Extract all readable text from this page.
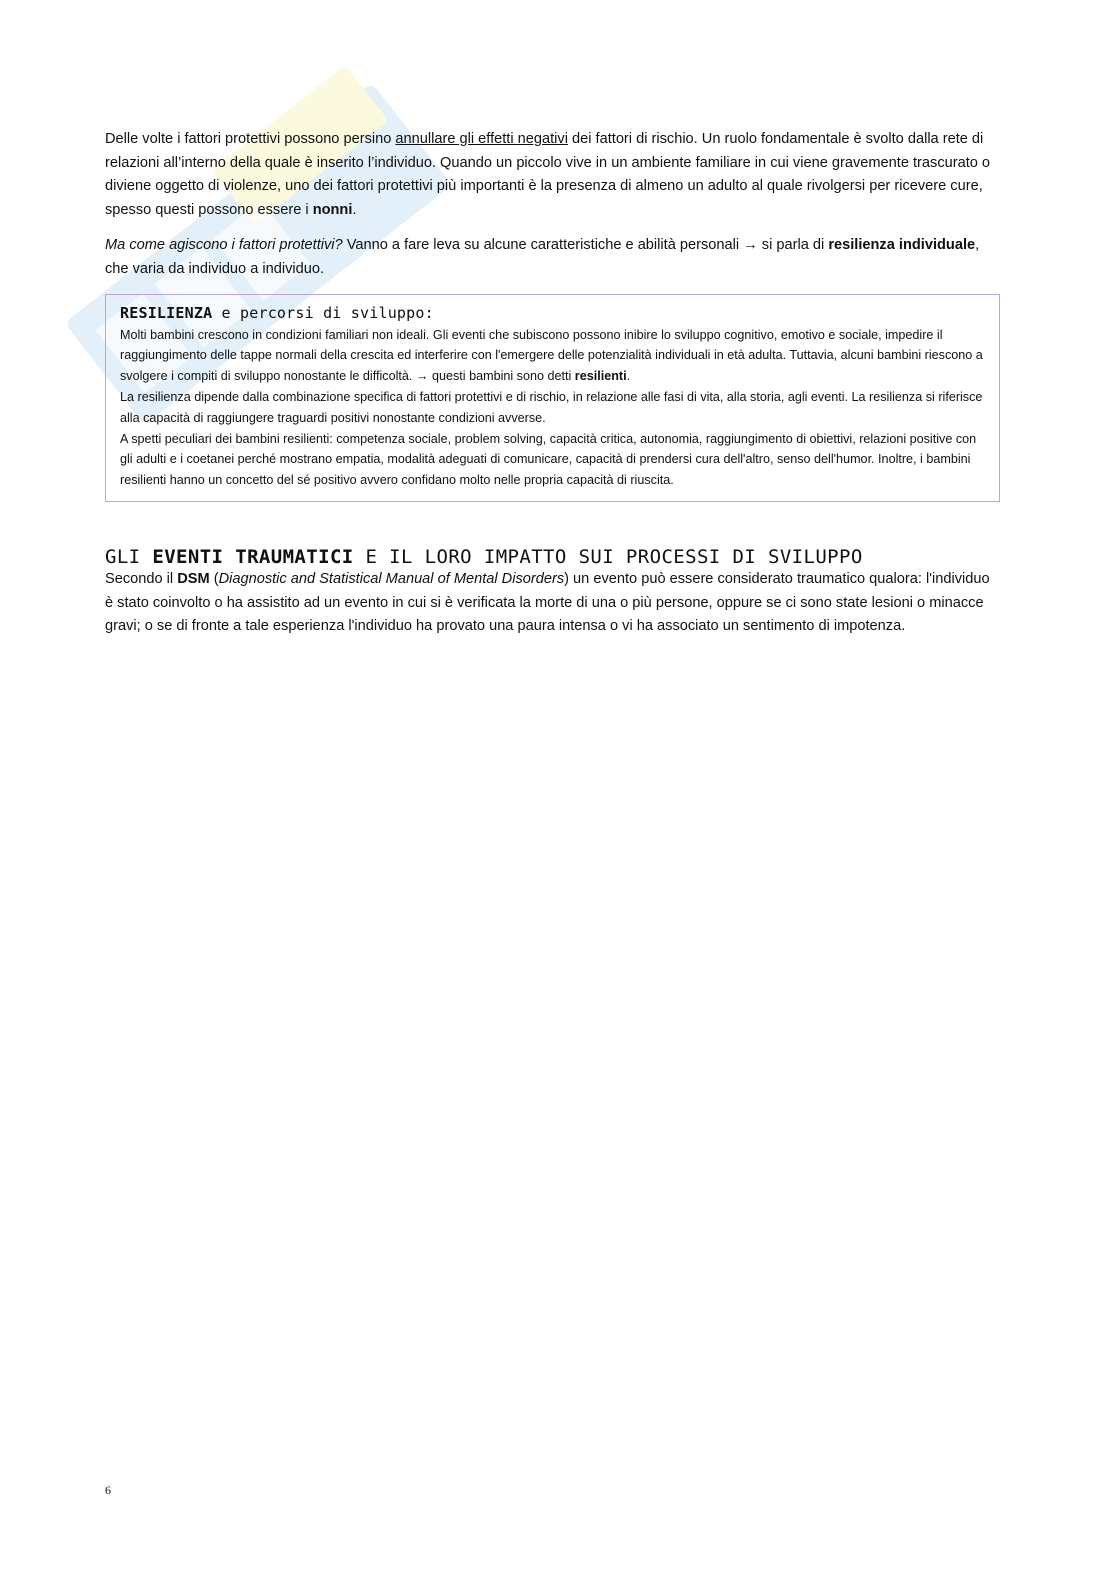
Delle volte i fattori protettivi possono persino annullare gli effetti negativi dei fattori di rischio. Un ruolo fondamentale è svolto dalla rete di relazioni all’interno della quale è inserito l’individuo. Quando un piccolo vive in un ambiente familiare in cui viene gravemente trascurato o diviene oggetto di violenze, uno dei fattori protettivi più importanti è la presenza di almeno un adulto al quale rivolgersi per ricevere cure, spesso questi possono essere i nonni.

Ma come agiscono i fattori protettivi? Vanno a fare leva su alcune caratteristiche e abilità personali → si parla di resilienza individuale, che varia da individuo a individuo.

RESILIENZA e percorsi di sviluppo:

Molti bambini crescono in condizioni familiari non ideali. Gli eventi che subiscono possono inibire lo sviluppo cognitivo, emotivo e sociale, impedire il raggiungimento delle tappe normali della crescita ed interferire con l'emergere delle potenzialità individuali in età adulta. Tuttavia, alcuni bambini riescono a svolgere i compiti di sviluppo nonostante le difficoltà. → questi bambini sono detti resilienti.

La resilienza dipende dalla combinazione specifica di fattori protettivi e di rischio, in relazione alle fasi di vita, alla storia, agli eventi. La resilienza si riferisce alla capacità di raggiungere traguardi positivi nonostante condizioni avverse.

A spetti peculiari dei bambini resilienti: competenza sociale, problem solving, capacità critica, autonomia, raggiungimento di obiettivi, relazioni positive con gli adulti e i coetanei perché mostrano empatia, modalità adeguati di comunicare, capacità di prendersi cura dell'altro, senso dell'humor. Inoltre, i bambini resilienti hanno un concetto del sé positivo avvero confidano molto nelle propria capacità di riuscita.

GLI EVENTI TRAUMATICI E IL LORO IMPATTO SUI PROCESSI DI SVILUPPO

Secondo il DSM (Diagnostic and Statistical Manual of Mental Disorders) un evento può essere considerato traumatico qualora: l'individuo è stato coinvolto o ha assistito ad un evento in cui si è verificata la morte di una o più persone, oppure se ci sono state lesioni o minacce gravi; o se di fronte a tale esperienza l'individuo ha provato una paura intensa o vi ha associato un sentimento di impotenza.

6
